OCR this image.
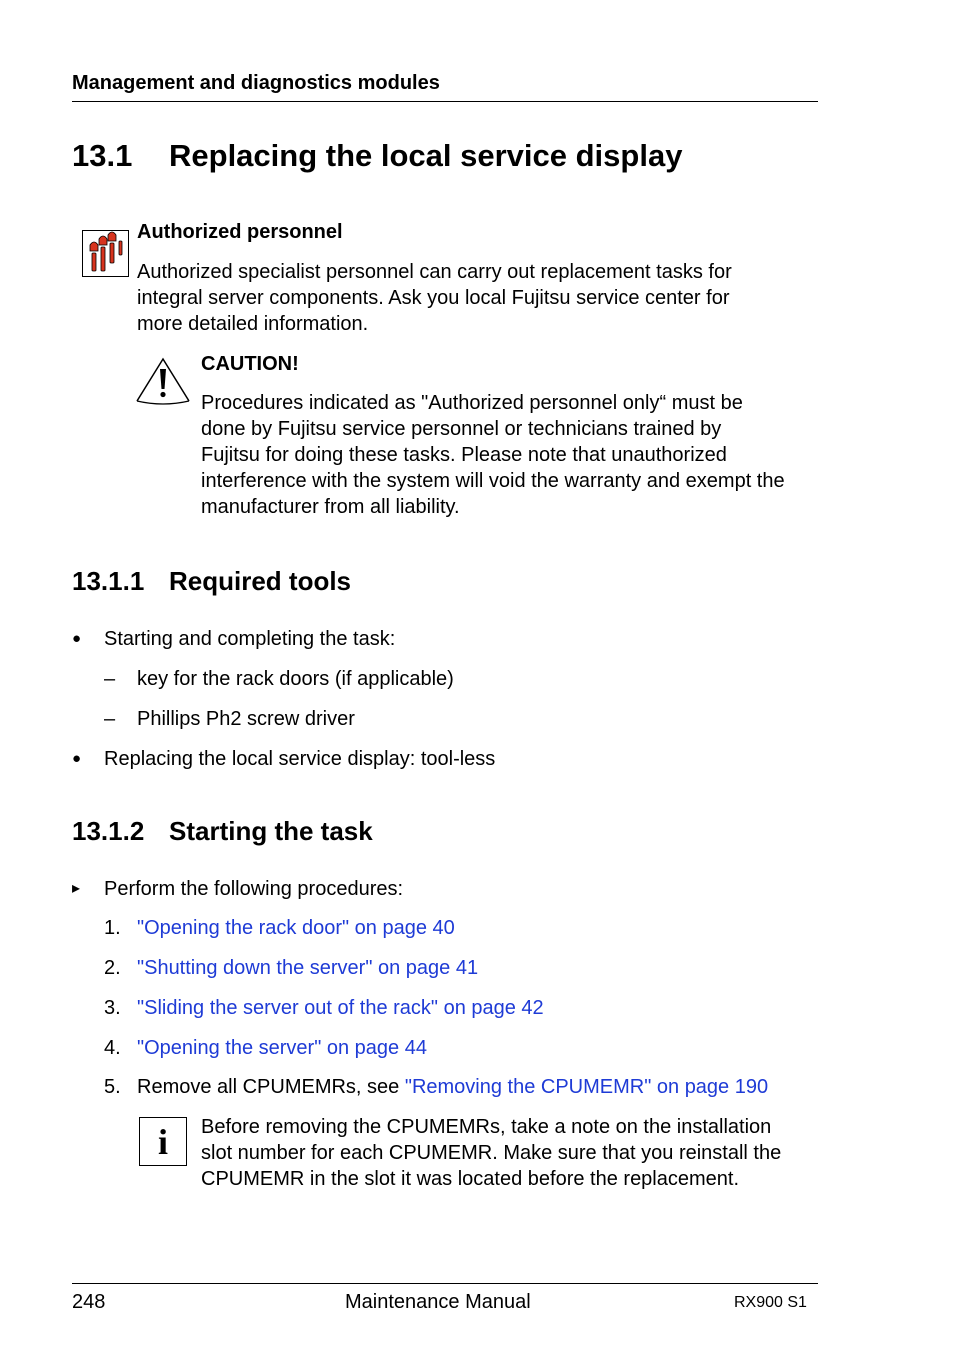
Management and diagnostics modules
13.1 Replacing the local service display
Authorized personnel
Authorized specialist personnel can carry out replacement tasks for
integral server components. Ask you local Fujitsu service center for
more detailed information.
CAUTION!
Procedures indicated as "Authorized personnel only“ must be
done by Fujitsu service personnel or technicians trained by
Fujitsu for doing these tasks. Please note that unauthorized
interference with the system will void the warranty and exempt the
manufacturer from all liability.
13.1.1 Required tools
● Starting and completing the task:
– key for the rack doors (if applicable)
– Phillips Ph2 screw driver
● Replacing the local service display: tool-less
13.1.2 Starting the task
▸ Perform the following procedures:
1. "Opening the rack door" on page 40
2. "Shutting down the server" on page 41
3. "Sliding the server out of the rack" on page 42
4. "Opening the server" on page 44
5. Remove all CPUMEMRs, see "Removing the CPUMEMR" on page 190
i	Before removing the CPUMEMRs, take a note on the installation
slot number for each CPUMEMR. Make sure that you reinstall the
CPUMEMR in the slot it was located before the replacement.
248	Maintenance Manual	RX900 S1
